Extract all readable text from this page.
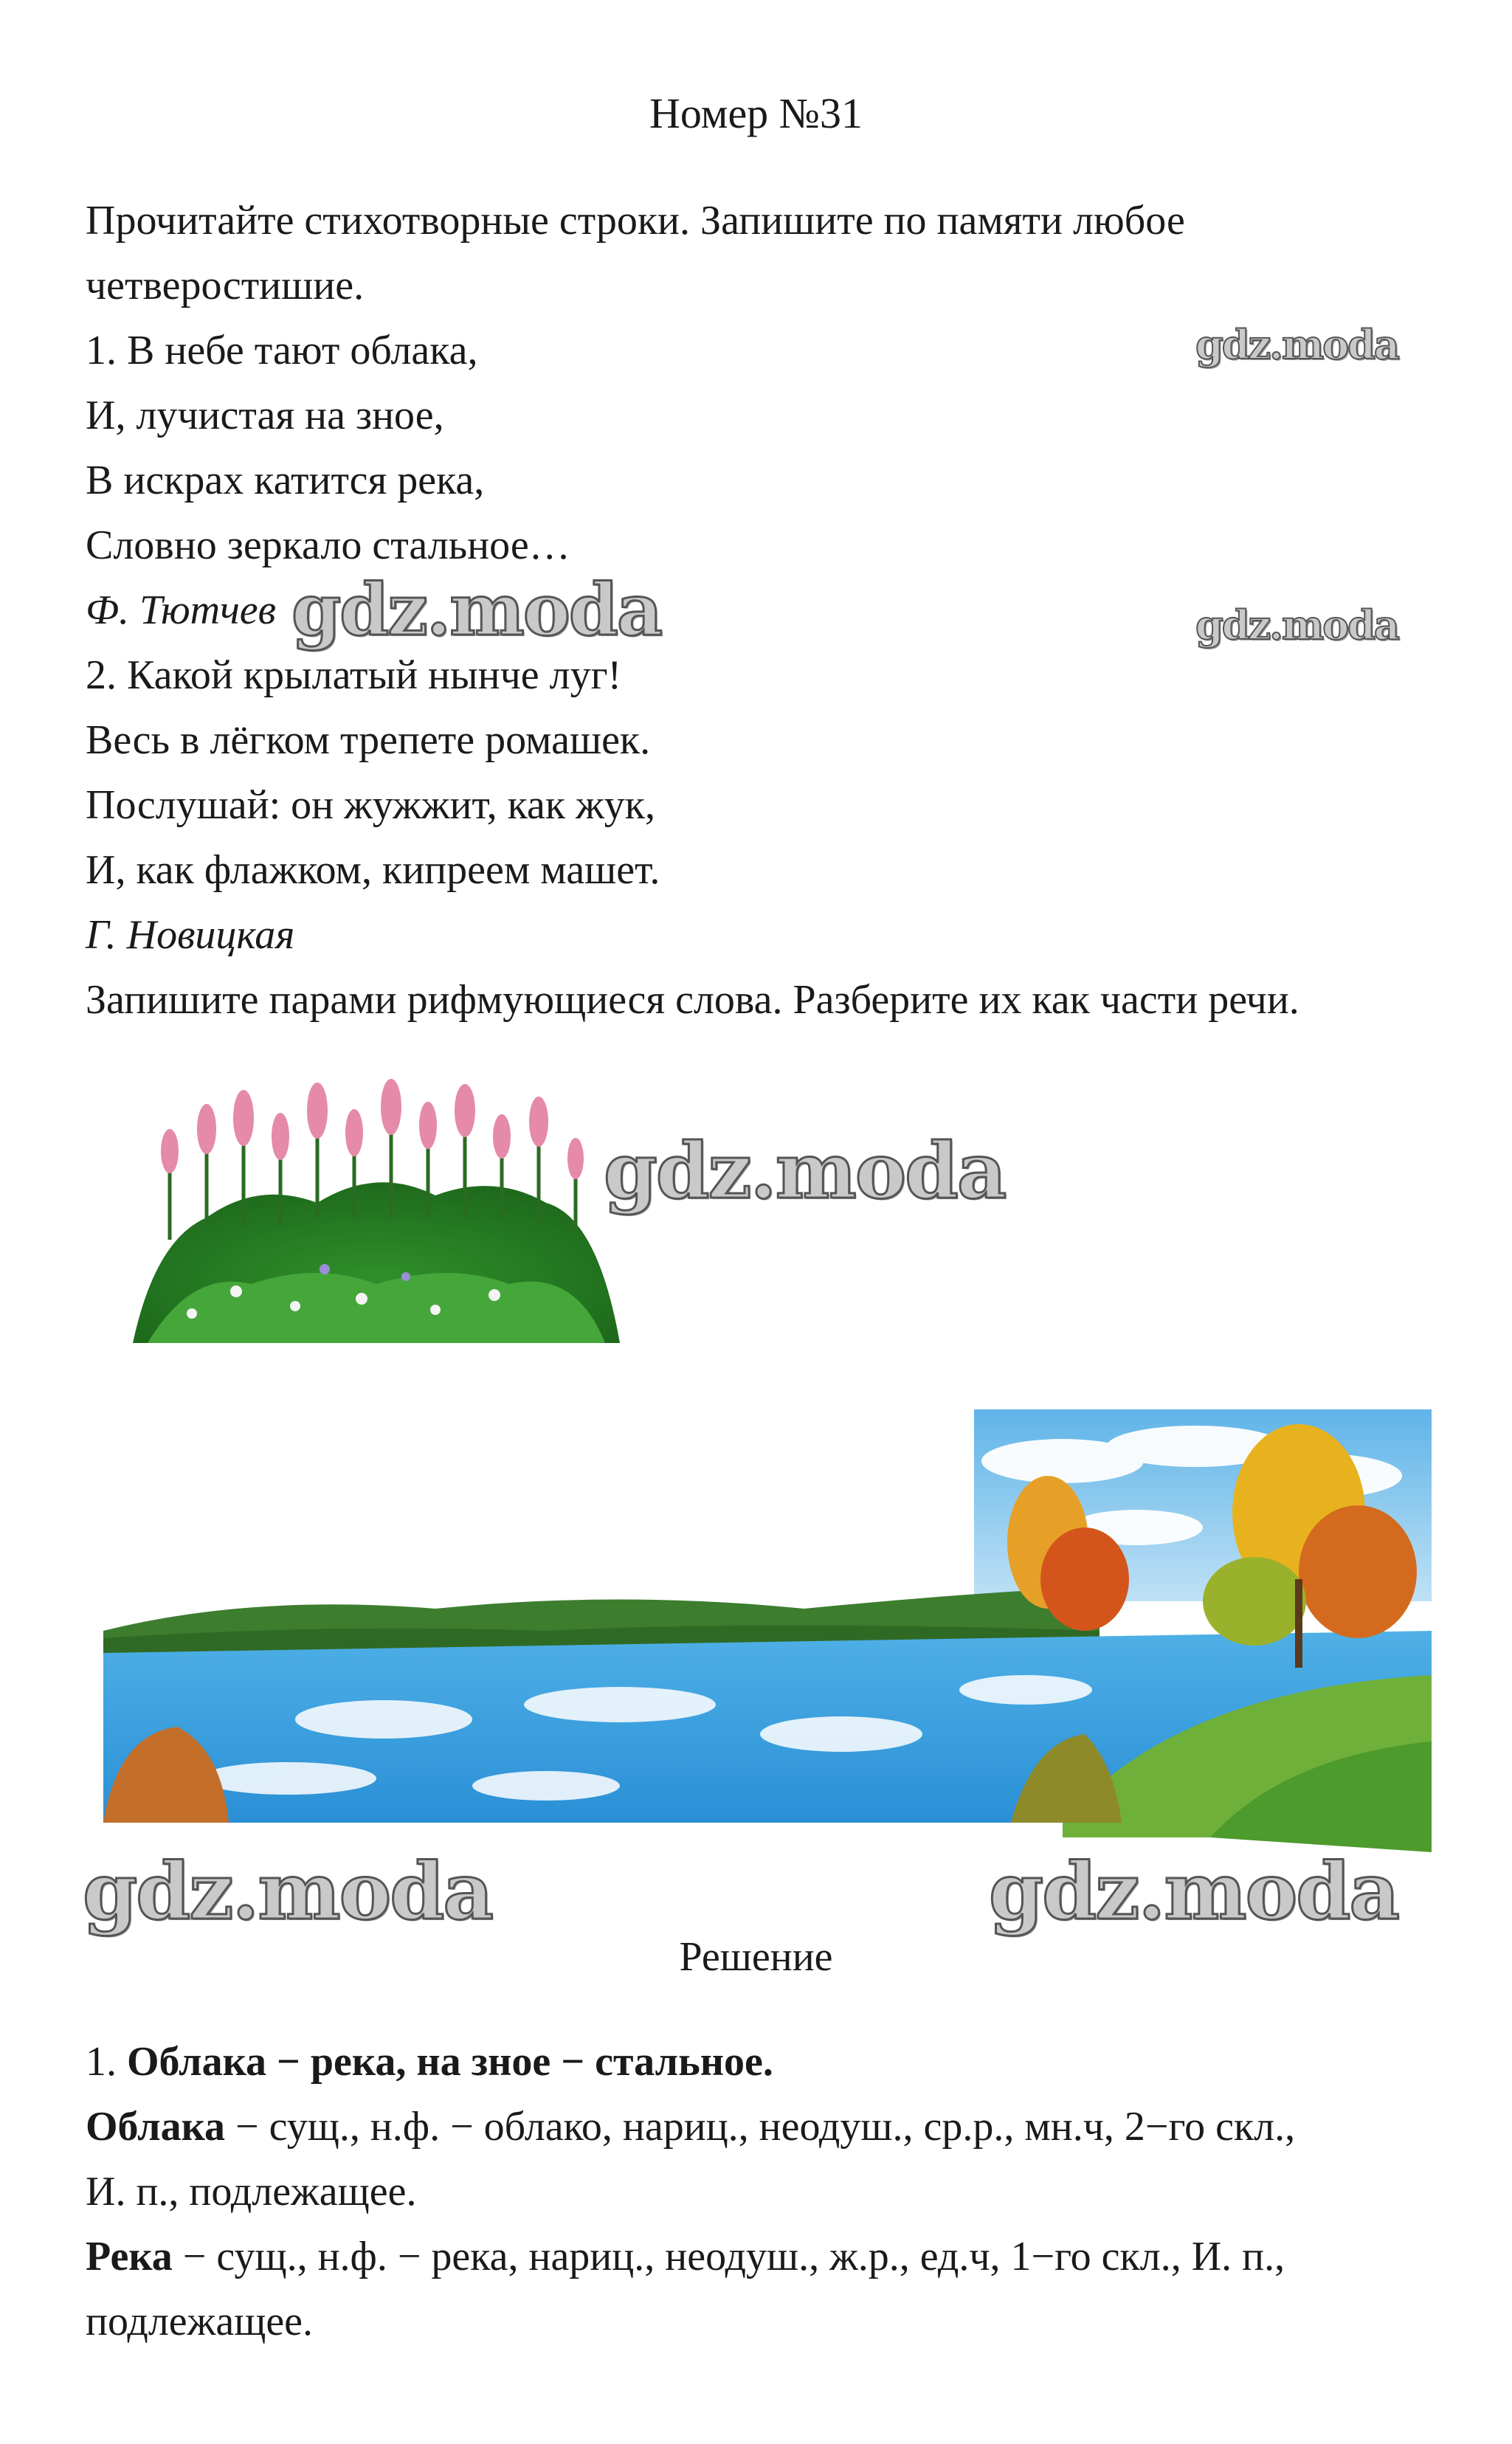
Номер №31
Прочитайте стихотворные строки. Запишите по памяти любое
четверостишие.
1. В небе тают облака,
И, лучистая на зное,
В искрах катится река,
Словно зеркало стальное…
Ф. Тютчев
2. Какой крылатый нынче луг!
Весь в лёгком трепете ромашек.
Послушай: он жужжит, как жук,
И, как флажком, кипреем машет.
Г. Новицкая
Запишите парами рифмующиеся слова. Разберите их как части речи.
gdz.moda
gdz.moda	gdz.moda
gdz.moda
gdz.moda	gdz.moda
Решение
1. Облака − река, на зное − стальное.
Облака − сущ., н.ф. − облако, нариц., неодуш., ср.р., мн.ч, 2−го скл.,
И. п., подлежащее.
Река − сущ., н.ф. − река, нариц., неодуш., ж.р., ед.ч, 1−го скл., И. п.,
подлежащее.
